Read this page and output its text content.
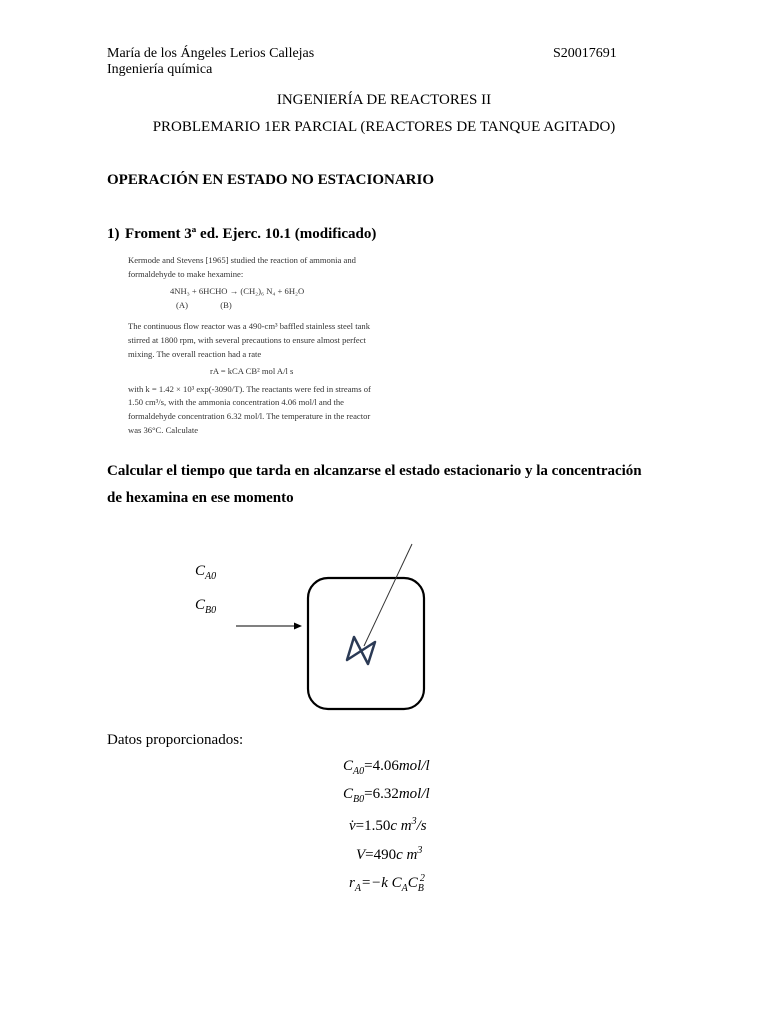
María de los Ángeles Lerios Callejas	S20017691
Ingeniería química
INGENIERÍA DE REACTORES II
PROBLEMARIO 1ER PARCIAL (REACTORES DE TANQUE AGITADO)
OPERACIÓN EN ESTADO NO ESTACIONARIO
1) Froment 3ª ed. Ejerc. 10.1 (modificado)

Kermode and Stevens [1965] studied the reaction of ammonia and

formaldehyde to make hexamine:

4NH₃ + 6HCHO → (CH₂)₆ N₄ + 6H₂O

(A)	(B)

The continuous flow reactor was a 490-cm³ baffled stainless steel tank

stirred at 1800 rpm, with several precautions to ensure almost perfect

mixing. The overall reaction had a rate

rA = kCA CB² mol A/l s

with k = 1.42 × 10³ exp(-3090/T). The reactants were fed in streams of

1.50 cm³/s, with the ammonia concentration 4.06 mol/l and the

formaldehyde concentration 6.32 mol/l. The temperature in the reactor

was 36°C. Calculate

Calcular el tiempo que tarda en alcanzarse el estado estacionario y la concentración
de hexamina en ese momento
$C_{A0}$
$C_{B0}$
Datos proporcionados:
$C_{A0}=4.06mol/l$
$C_{B0}=6.32mol/l$
v̇=1.50c $m^3/s$
V=490c $m^3$
$r_A=-k$ $C_AC_B^2$
